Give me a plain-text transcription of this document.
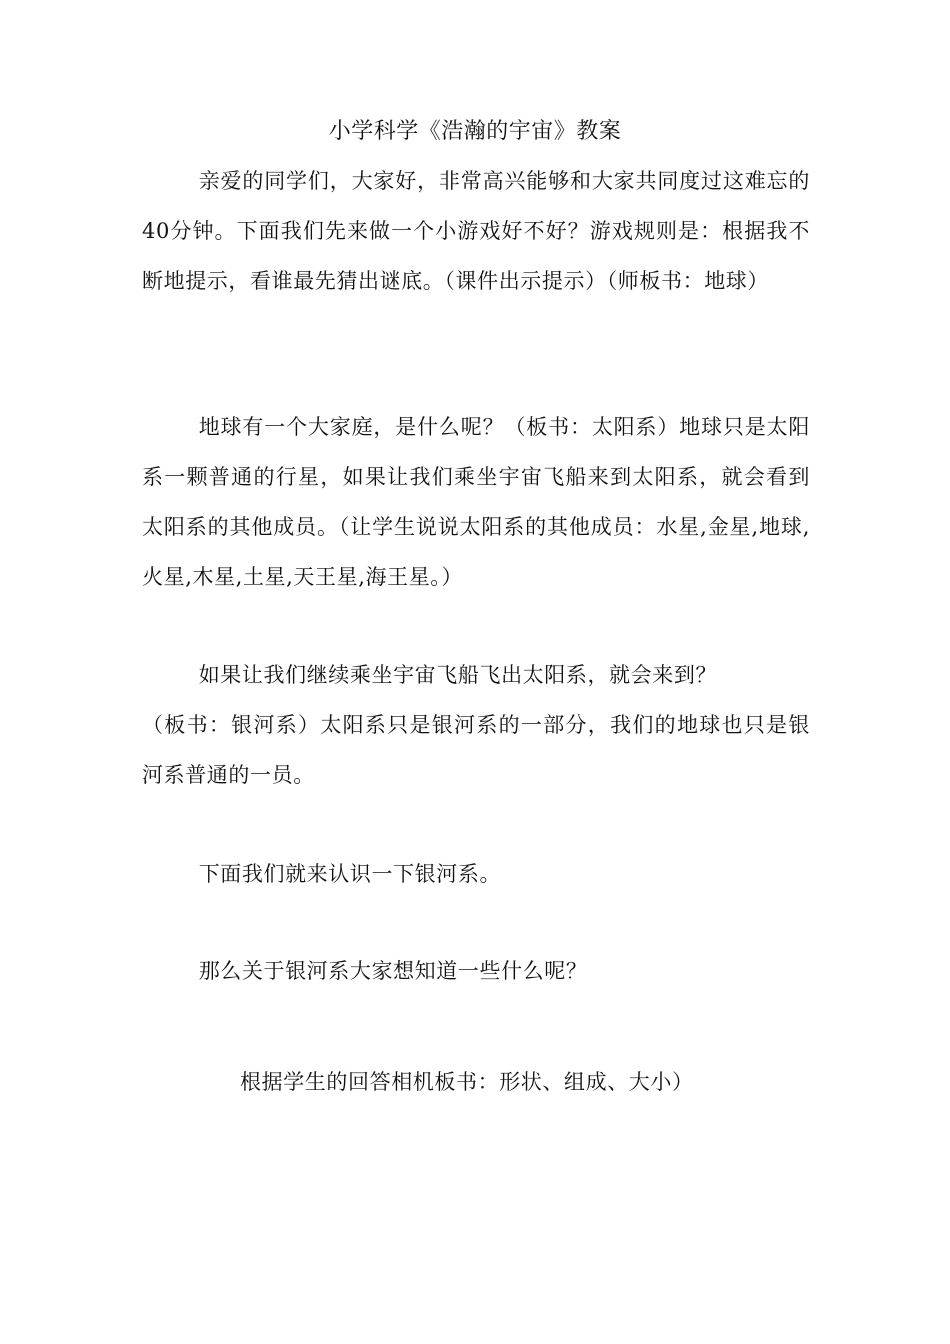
小学科学《浩瀚的宇宙》教案
亲爱的同学们，大家好，非常高兴能够和大家共同度过这难忘的40分钟。下面我们先来做一个小游戏好不好？游戏规则是：根据我不断地提示，看谁最先猜出谜底。（课件出示提示）（师板书：地球）
地球有一个大家庭，是什么呢？（板书：太阳系）地球只是太阳系一颗普通的行星，如果让我们乘坐宇宙飞船来到太阳系，就会看到太阳系的其他成员。（让学生说说太阳系的其他成员：水星,金星,地球,火星,木星,土星,天王星,海王星。）
如果让我们继续乘坐宇宙飞船飞出太阳系，就会来到？
（板书：银河系）太阳系只是银河系的一部分，我们的地球也只是银河系普通的一员。
下面我们就来认识一下银河系。
那么关于银河系大家想知道一些什么呢？
根据学生的回答相机板书：形状、组成、大小）
